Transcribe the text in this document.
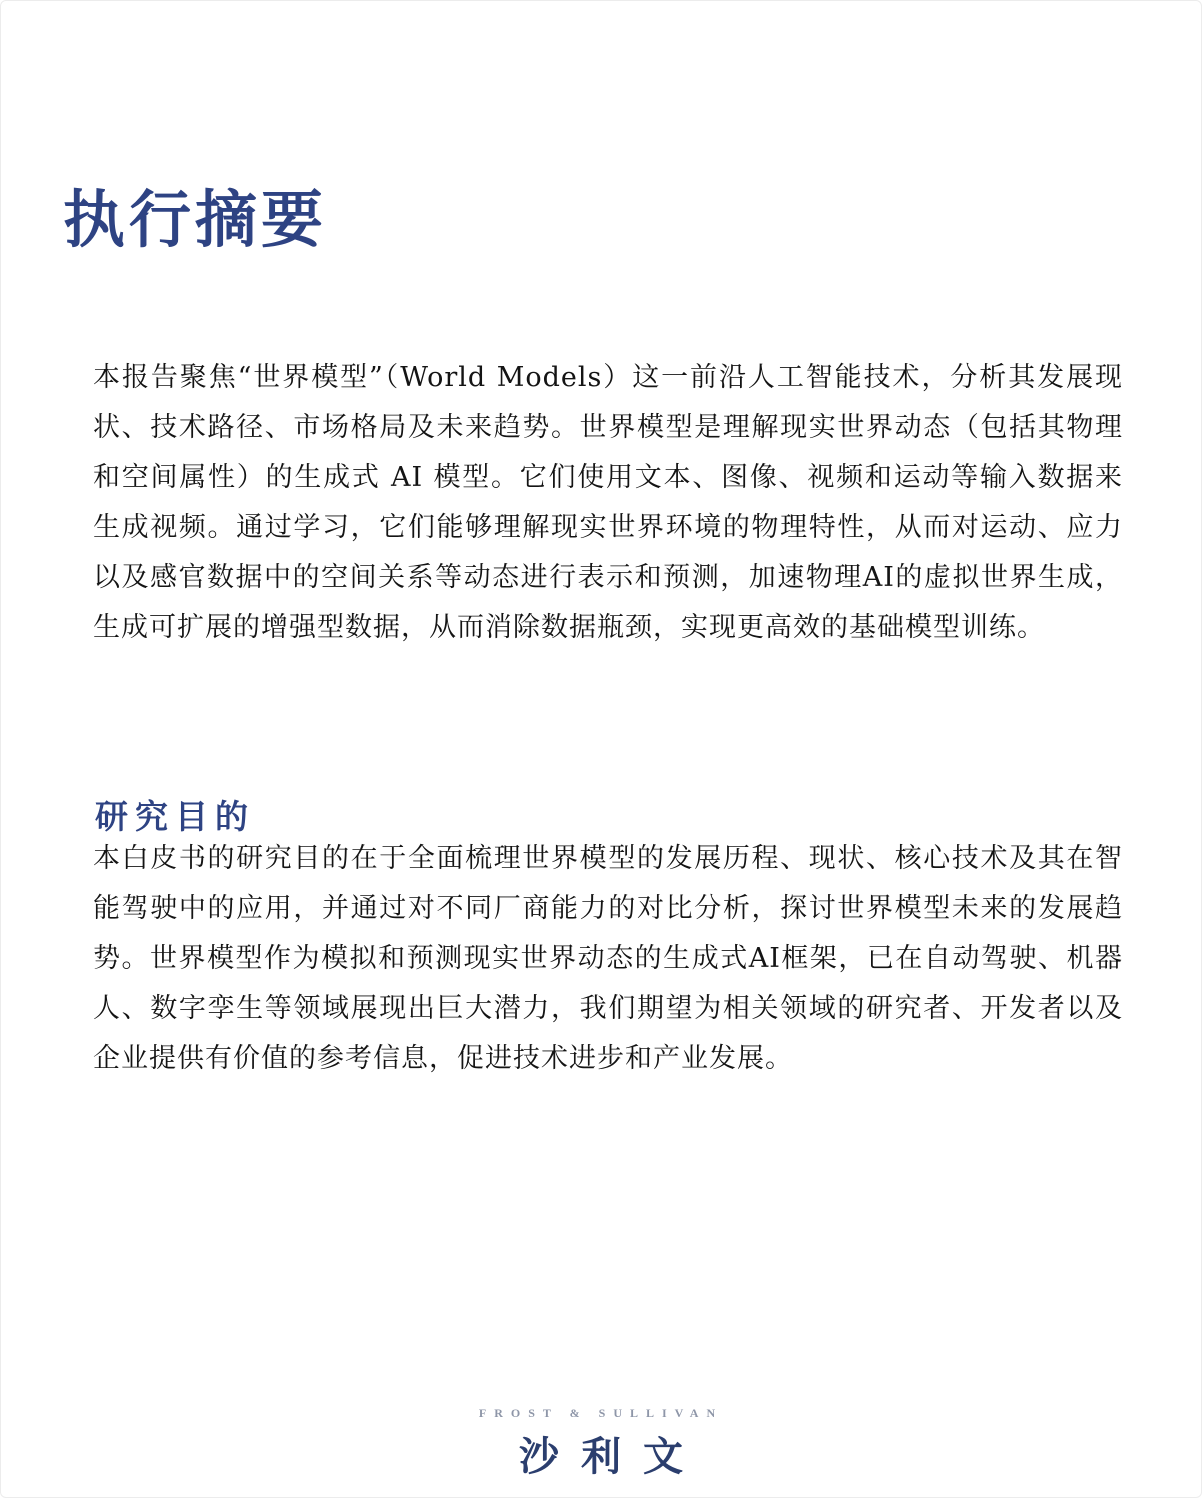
执行摘要

本报告聚焦“世界模型”（World Models）这一前沿人工智能技术，分析其发展现状、技术路径、市场格局及未来趋势。世界模型是理解现实世界动态（包括其物理和空间属性）的生成式 AI 模型。它们使用文本、图像、视频和运动等输入数据来生成视频。通过学习，它们能够理解现实世界环境的物理特性，从而对运动、应力以及感官数据中的空间关系等动态进行表示和预测，加速物理AI的虚拟世界生成，生成可扩展的增强型数据，从而消除数据瓶颈，实现更高效的基础模型训练。

研究目的

本白皮书的研究目的在于全面梳理世界模型的发展历程、现状、核心技术及其在智能驾驶中的应用，并通过对不同厂商能力的对比分析，探讨世界模型未来的发展趋势。世界模型作为模拟和预测现实世界动态的生成式AI框架，已在自动驾驶、机器人、数字孪生等领域展现出巨大潜力，我们期望为相关领域的研究者、开发者以及企业提供有价值的参考信息，促进技术进步和产业发展。

FROST & SULLIVAN
沙利文
